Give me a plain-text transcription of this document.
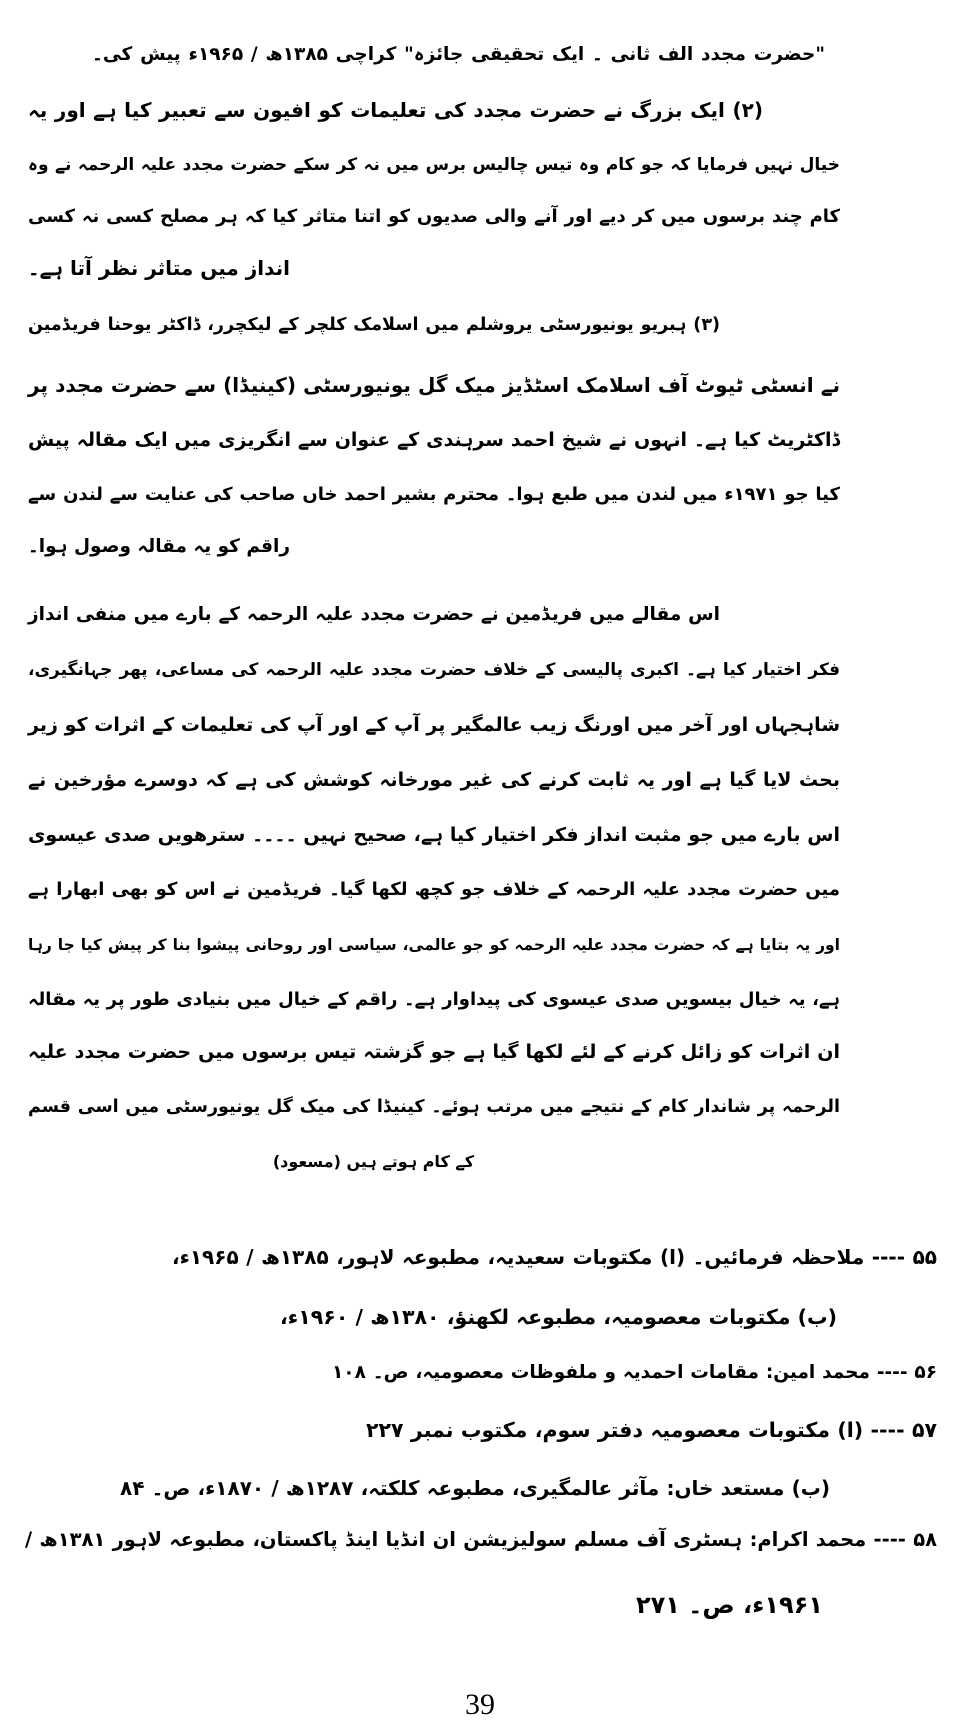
"حضرت مجدد الف ثانی ۔ ایک تحقیقی جائزہ" کراچی ۱۳۸۵ھ / ۱۹۶۵ء پیش کی۔
(۲) ایک بزرگ نے حضرت مجدد کی تعلیمات کو افیون سے تعبیر کیا ہے اور یہ
خیال نہیں فرمایا کہ جو کام وہ تیس چالیس برس میں نہ کر سکے حضرت مجدد علیہ الرحمہ نے وہ
کام چند برسوں میں کر دیے اور آنے والی صدیوں کو اتنا متاثر کیا کہ ہر مصلح کسی نہ کسی
انداز میں متاثر نظر آتا ہے۔
(۳) ہبریو یونیورسٹی یروشلم میں اسلامک کلچر کے لیکچرر، ڈاکٹر یوحنا فریڈمین
نے انسٹی ٹیوٹ آف اسلامک اسٹڈیز میک گل یونیورسٹی (کینیڈا) سے حضرت مجدد پر
ڈاکٹریٹ کیا ہے۔ انہوں نے شیخ احمد سرہندی کے عنوان سے انگریزی میں ایک مقالہ پیش
کیا جو ۱۹۷۱ء میں لندن میں طبع ہوا۔ محترم بشیر احمد خاں صاحب کی عنایت سے لندن سے
راقم کو یہ مقالہ وصول ہوا۔
اس مقالے میں فریڈمین نے حضرت مجدد علیہ الرحمہ کے بارے میں منفی انداز
فکر اختیار کیا ہے۔ اکبری پالیسی کے خلاف حضرت مجدد علیہ الرحمہ کی مساعی، پھر جہانگیری،
شاہجہاں اور آخر میں اورنگ زیب عالمگیر پر آپ کے اور آپ کی تعلیمات کے اثرات کو زیر
بحث لایا گیا ہے اور یہ ثابت کرنے کی غیر مورخانہ کوشش کی ہے کہ دوسرے مؤرخین نے
اس بارے میں جو مثبت انداز فکر اختیار کیا ہے، صحیح نہیں ۔۔۔۔ سترھویں صدی عیسوی
میں حضرت مجدد علیہ الرحمہ کے خلاف جو کچھ لکھا گیا۔ فریڈمین نے اس کو بھی ابھارا ہے
اور یہ بتایا ہے کہ حضرت مجدد علیہ الرحمہ کو جو عالمی، سیاسی اور روحانی پیشوا بنا کر پیش کیا جا رہا
ہے، یہ خیال بیسویں صدی عیسوی کی پیداوار ہے۔ راقم کے خیال میں بنیادی طور پر یہ مقالہ
ان اثرات کو زائل کرنے کے لئے لکھا گیا ہے جو گزشتہ تیس برسوں میں حضرت مجدد علیہ
الرحمہ پر شاندار کام کے نتیجے میں مرتب ہوئے۔ کینیڈا کی میک گل یونیورسٹی میں اسی قسم
کے کام ہوتے ہیں (مسعود)
۵۵ ---- ملاحظہ فرمائیں۔ (ا) مکتوبات سعیدیہ، مطبوعہ لاہور، ۱۳۸۵ھ / ۱۹۶۵ء،
(ب) مکتوبات معصومیہ، مطبوعہ لکھنؤ، ۱۳۸۰ھ / ۱۹۶۰ء،
۵۶ ---- محمد امین: مقامات احمدیہ و ملفوظات معصومیہ، ص۔ ۱۰۸
۵۷ ---- (ا) مکتوبات معصومیہ دفتر سوم، مکتوب نمبر ۲۲۷
(ب) مستعد خاں: مآثر عالمگیری، مطبوعہ کلکتہ، ۱۲۸۷ھ / ۱۸۷۰ء، ص۔ ۸۴
۵۸ ---- محمد اکرام: ہسٹری آف مسلم سولیزیشن ان انڈیا اینڈ پاکستان، مطبوعہ لاہور ۱۳۸۱ھ /
۱۹۶۱ء، ص۔ ۲۷۱
39
